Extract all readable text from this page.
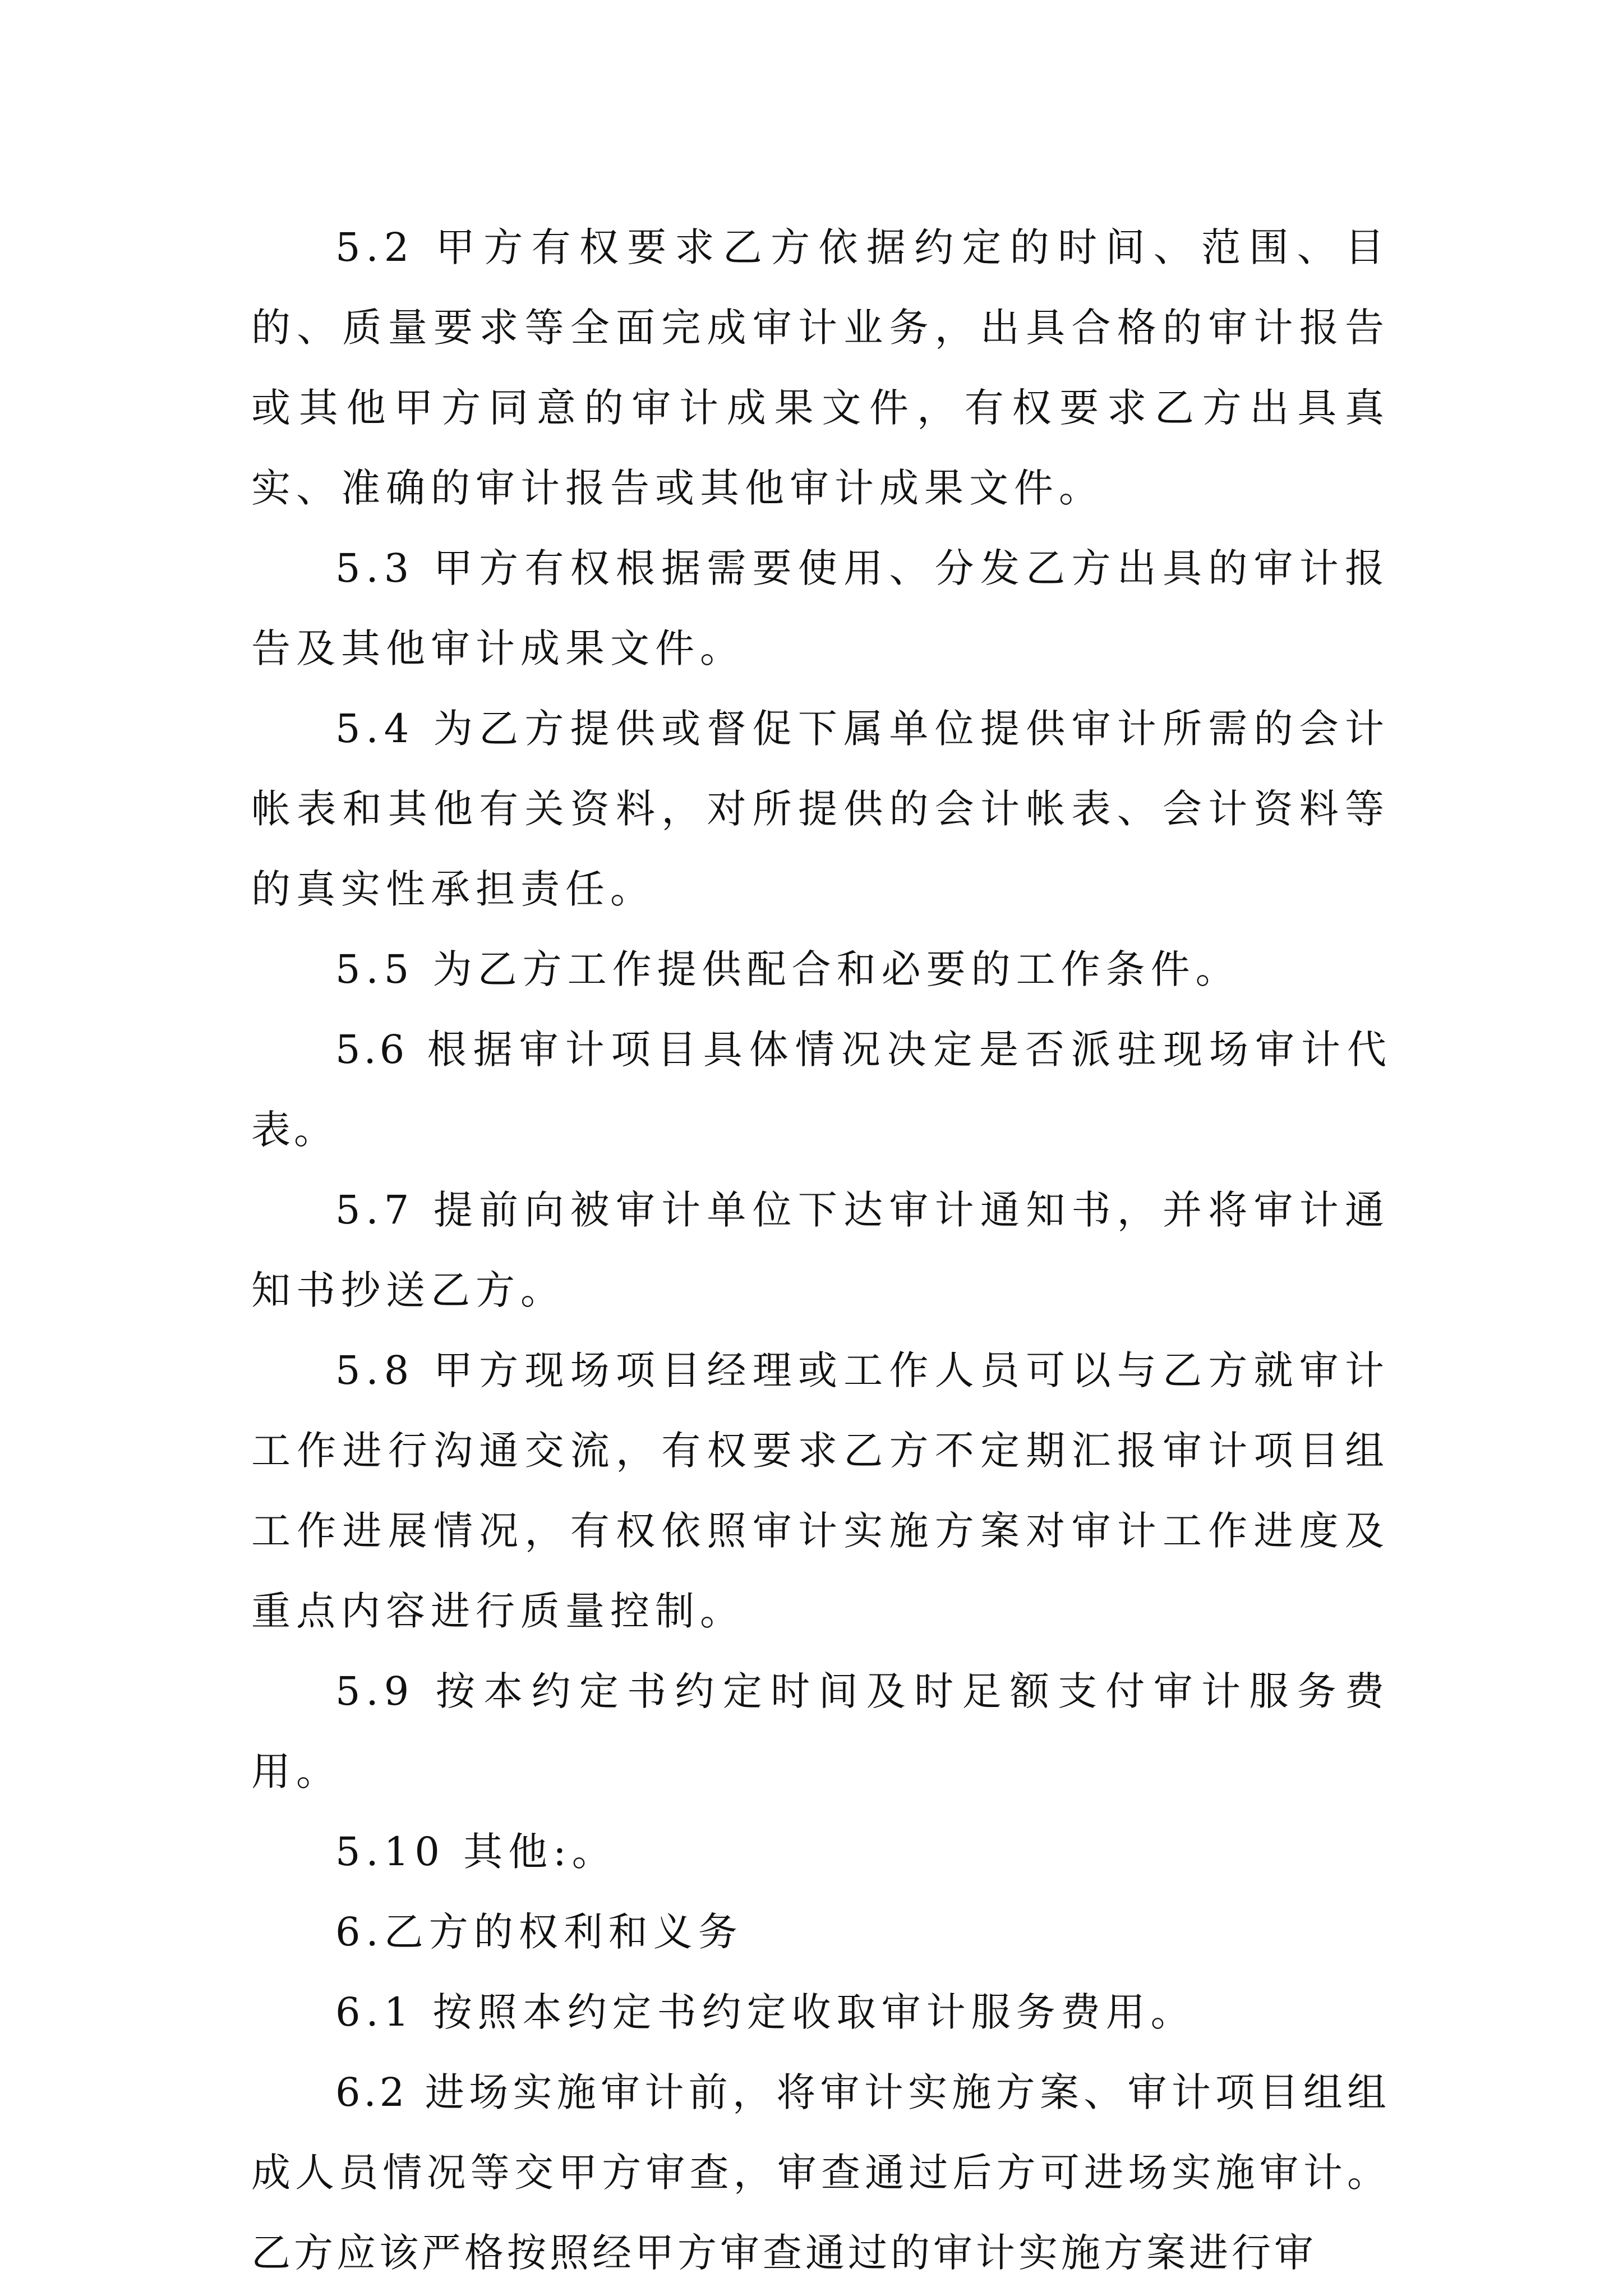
5.2 甲方有权要求乙方依据约定的时间、范围、目的、质量要求等全面完成审计业务，出具合格的审计报告或其他甲方同意的审计成果文件，有权要求乙方出具真实、准确的审计报告或其他审计成果文件。

5.3 甲方有权根据需要使用、分发乙方出具的审计报告及其他审计成果文件。

5.4 为乙方提供或督促下属单位提供审计所需的会计帐表和其他有关资料，对所提供的会计帐表、会计资料等的真实性承担责任。

5.5 为乙方工作提供配合和必要的工作条件。

5.6 根据审计项目具体情况决定是否派驻现场审计代表。

5.7 提前向被审计单位下达审计通知书，并将审计通知书抄送乙方。

5.8 甲方现场项目经理或工作人员可以与乙方就审计工作进行沟通交流，有权要求乙方不定期汇报审计项目组工作进展情况，有权依照审计实施方案对审计工作进度及重点内容进行质量控制。

5.9 按本约定书约定时间及时足额支付审计服务费用。

5.10 其他:。

6.乙方的权利和义务

6.1 按照本约定书约定收取审计服务费用。

6.2 进场实施审计前，将审计实施方案、审计项目组组成人员情况等交甲方审查，审查通过后方可进场实施审计。乙方应该严格按照经甲方审查通过的审计实施方案进行审
